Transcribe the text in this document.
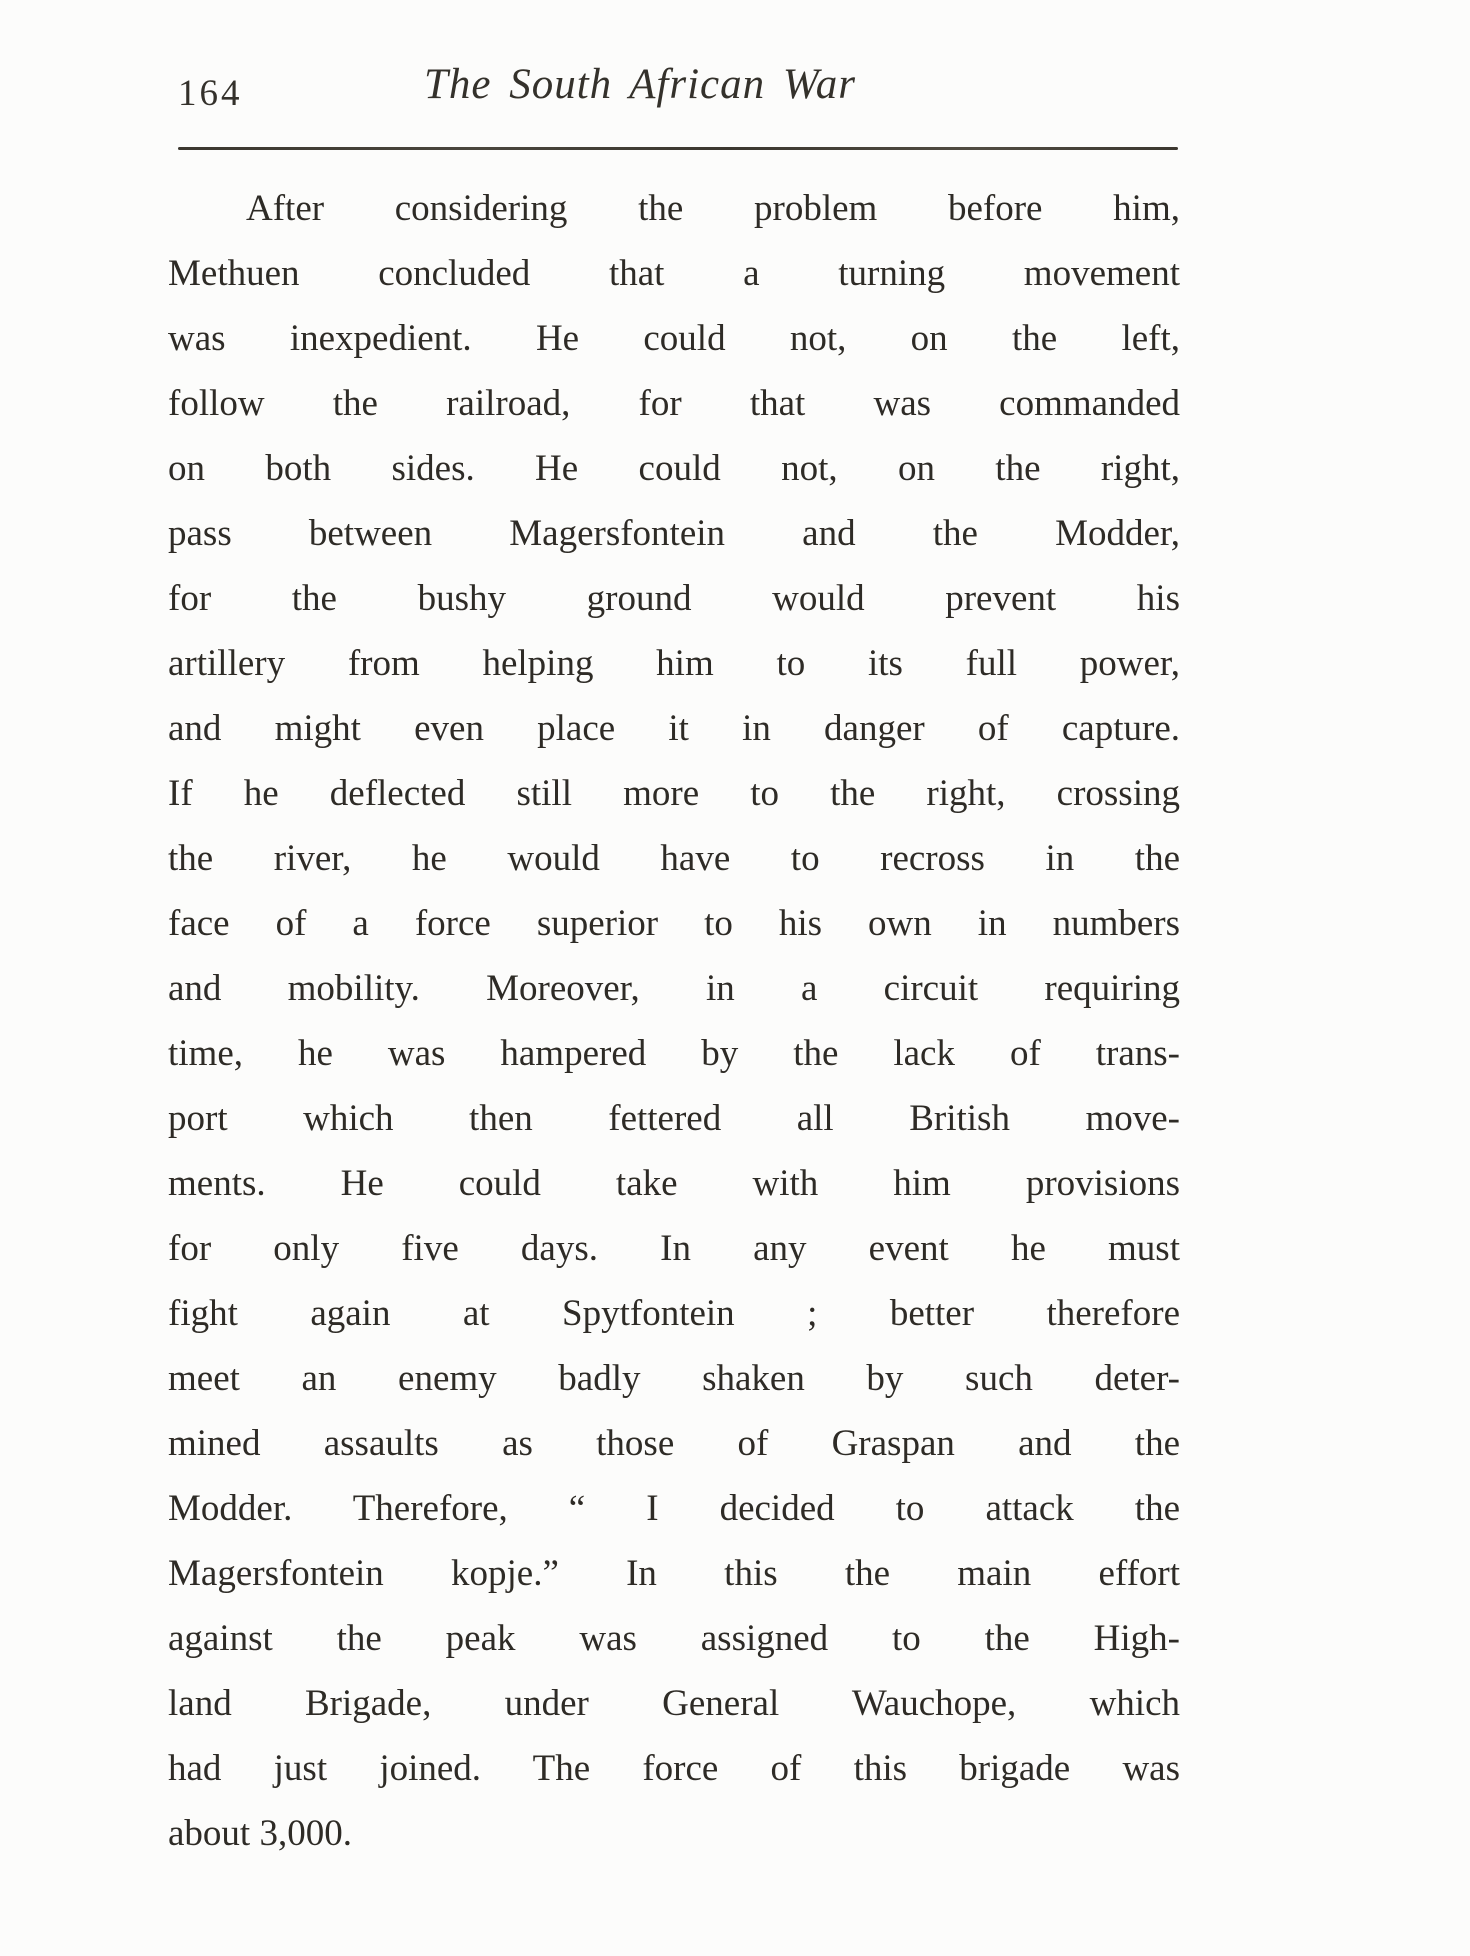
164	The South African War
After considering the problem before him,
Methuen concluded that a turning movement
was inexpedient. He could not, on the left,
follow the railroad, for that was commanded
on both sides. He could not, on the right,
pass between Magersfontein and the Modder,
for the bushy ground would prevent his
artillery from helping him to its full power,
and might even place it in danger of capture.
If he deflected still more to the right, crossing
the river, he would have to recross in the
face of a force superior to his own in numbers
and mobility. Moreover, in a circuit requiring
time, he was hampered by the lack of trans-
port which then fettered all British move-
ments. He could take with him provisions
for only five days. In any event he must
fight again at Spytfontein ; better therefore
meet an enemy badly shaken by such deter-
mined assaults as those of Graspan and the
Modder. Therefore, “ I decided to attack the
Magersfontein kopje.” In this the main effort
against the peak was assigned to the High-
land Brigade, under General Wauchope, which
had just joined. The force of this brigade was
about 3,000.
